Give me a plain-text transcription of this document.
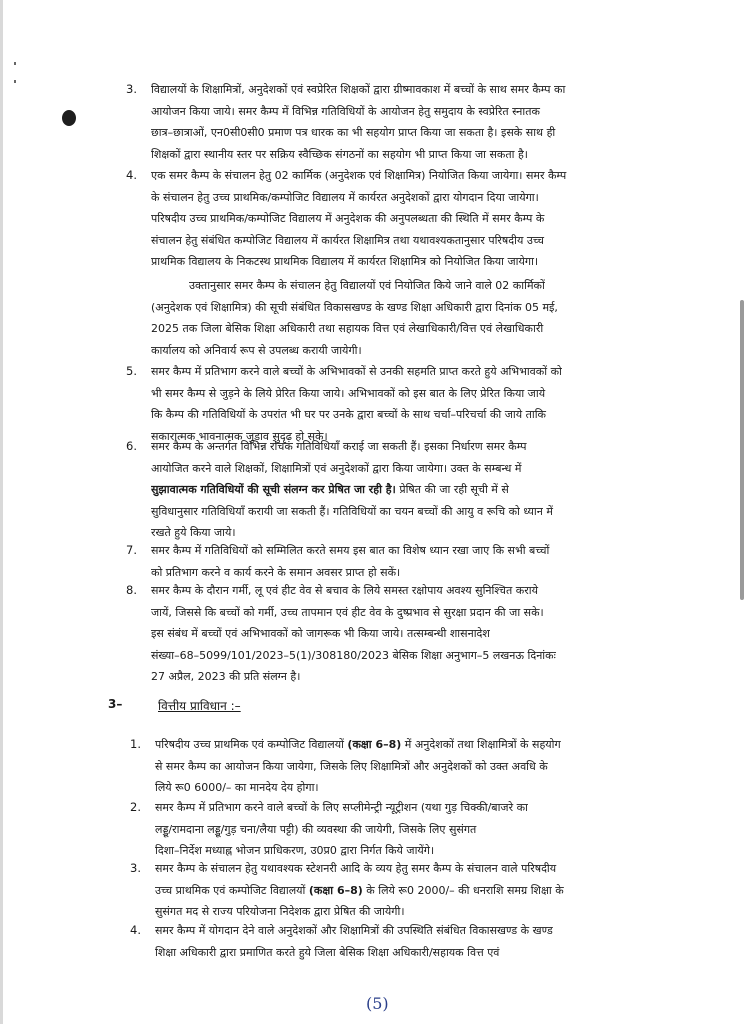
3. विद्यालयों के शिक्षामित्रों, अनुदेशकों एवं स्वप्रेरित शिक्षकों द्वारा ग्रीष्मावकाश में बच्चों के साथ समर कैम्प का
आयोजन किया जाये। समर कैम्प में विभिन्न गतिविधियों के आयोजन हेतु समुदाय के स्वप्रेरित स्नातक
छात्र–छात्राओं, एन0सी0सी0 प्रमाण पत्र धारक का भी सहयोग प्राप्त किया जा सकता है। इसके साथ ही
शिक्षकों द्वारा स्थानीय स्तर पर सक्रिय स्वैच्छिक संगठनों का सहयोग भी प्राप्त किया जा सकता है।
4. एक समर कैम्प के संचालन हेतु 02 कार्मिक (अनुदेशक एवं शिक्षामित्र) नियोजित किया जायेगा। समर कैम्प
के संचालन हेतु उच्च प्राथमिक/कम्पोजिट विद्यालय में कार्यरत अनुदेशकों द्वारा योगदान दिया जायेगा।
परिषदीय उच्च प्राथमिक/कम्पोजिट विद्यालय में अनुदेशक की अनुपलब्धता की स्थिति में समर कैम्प के
संचालन हेतु संबंधित कम्पोजिट विद्यालय में कार्यरत शिक्षामित्र तथा यथावश्यकतानुसार परिषदीय उच्च
प्राथमिक विद्यालय के निकटस्थ प्राथमिक विद्यालय में कार्यरत शिक्षामित्र को नियोजित किया जायेगा।
उक्तानुसार समर कैम्प के संचालन हेतु विद्यालयों एवं नियोजित किये जाने वाले 02 कार्मिकों
(अनुदेशक एवं शिक्षामित्र) की सूची संबंधित विकासखण्ड के खण्ड शिक्षा अधिकारी द्वारा दिनांक 05 मई,
2025 तक जिला बेसिक शिक्षा अधिकारी तथा सहायक वित्त एवं लेखाधिकारी/वित्त एवं लेखाधिकारी
कार्यालय को अनिवार्य रूप से उपलब्ध करायी जायेगी।
5. समर कैम्प में प्रतिभाग करने वाले बच्चों के अभिभावकों से उनकी सहमति प्राप्त करते हुये अभिभावकों को
भी समर कैम्प से जुड़ने के लिये प्रेरित किया जाये। अभिभावकों को इस बात के लिए प्रेरित किया जाये
कि कैम्प की गतिविधियों के उपरांत भी घर पर उनके द्वारा बच्चों के साथ चर्चा–परिचर्चा की जाये ताकि
सकारात्मक भावनात्मक जुड़ाव सुदृढ़ हो सके।
6. समर कैम्प के अन्तर्गत विभिन्न रोचक गतिविधियाँ कराई जा सकती हैं। इसका निर्धारण समर कैम्प
आयोजित करने वाले शिक्षकों, शिक्षामित्रों एवं अनुदेशकों द्वारा किया जायेगा। उक्त के सम्बन्ध में
सुझावात्मक गतिविधियों की सूची संलग्न कर प्रेषित जा रही है। प्रेषित की जा रही सूची में से
सुविधानुसार गतिविधियाँ करायी जा सकती हैं। गतिविधियों का चयन बच्चों की आयु व रूचि को ध्यान में
रखते हुये किया जाये।
7. समर कैम्प में गतिविधियों को सम्मिलित करते समय इस बात का विशेष ध्यान रखा जाए कि सभी बच्चों
को प्रतिभाग करने व कार्य करने के समान अवसर प्राप्त हो सकें।
8. समर कैम्प के दौरान गर्मी, लू एवं हीट वेव से बचाव के लिये समस्त रक्षोपाय अवश्य सुनिश्चित कराये
जायें, जिससे कि बच्चों को गर्मी, उच्च तापमान एवं हीट वेव के दुष्प्रभाव से सुरक्षा प्रदान की जा सके।
इस संबंध में बच्चों एवं अभिभावकों को जागरूक भी किया जाये। तत्सम्बन्धी शासनादेश
संख्या–68–5099/101/2023–5(1)/308180/2023 बेसिक शिक्षा अनुभाग–5 लखनऊ दिनांकः
27 अप्रैल, 2023 की प्रति संलग्न है।
3–	वित्तीय प्राविधान :–
1. परिषदीय उच्च प्राथमिक एवं कम्पोजिट विद्यालयों (कक्षा 6–8) में अनुदेशकों तथा शिक्षामित्रों के सहयोग
से समर कैम्प का आयोजन किया जायेगा, जिसके लिए शिक्षामित्रों और अनुदेशकों को उक्त अवधि के
लिये रू0 6000/– का मानदेय देय होगा।
2. समर कैम्प में प्रतिभाग करने वाले बच्चों के लिए सप्लीमेन्ट्री न्यूट्रीशन (यथा गुड़ चिक्की/बाजरे का
लड्डू/रामदाना लड्डू/गुड़ चना/लैया पट्टी) की व्यवस्था की जायेगी, जिसके लिए सुसंगत
दिशा–निर्देश मध्याह्न भोजन प्राधिकरण, उ0प्र0 द्वारा निर्गत किये जायेंगे।
3. समर कैम्प के संचालन हेतु यथावश्यक स्टेशनरी आदि के व्यय हेतु समर कैम्प के संचालन वाले परिषदीय
उच्च प्राथमिक एवं कम्पोजिट विद्यालयों (कक्षा 6–8) के लिये रू0 2000/– की धनराशि समग्र शिक्षा के
सुसंगत मद से राज्य परियोजना निदेशक द्वारा प्रेषित की जायेगी।
4. समर कैम्प में योगदान देने वाले अनुदेशकों और शिक्षामित्रों की उपस्थिति संबंधित विकासखण्ड के खण्ड
शिक्षा अधिकारी द्वारा प्रमाणित करते हुये जिला बेसिक शिक्षा अधिकारी/सहायक वित्त एवं
(5)
